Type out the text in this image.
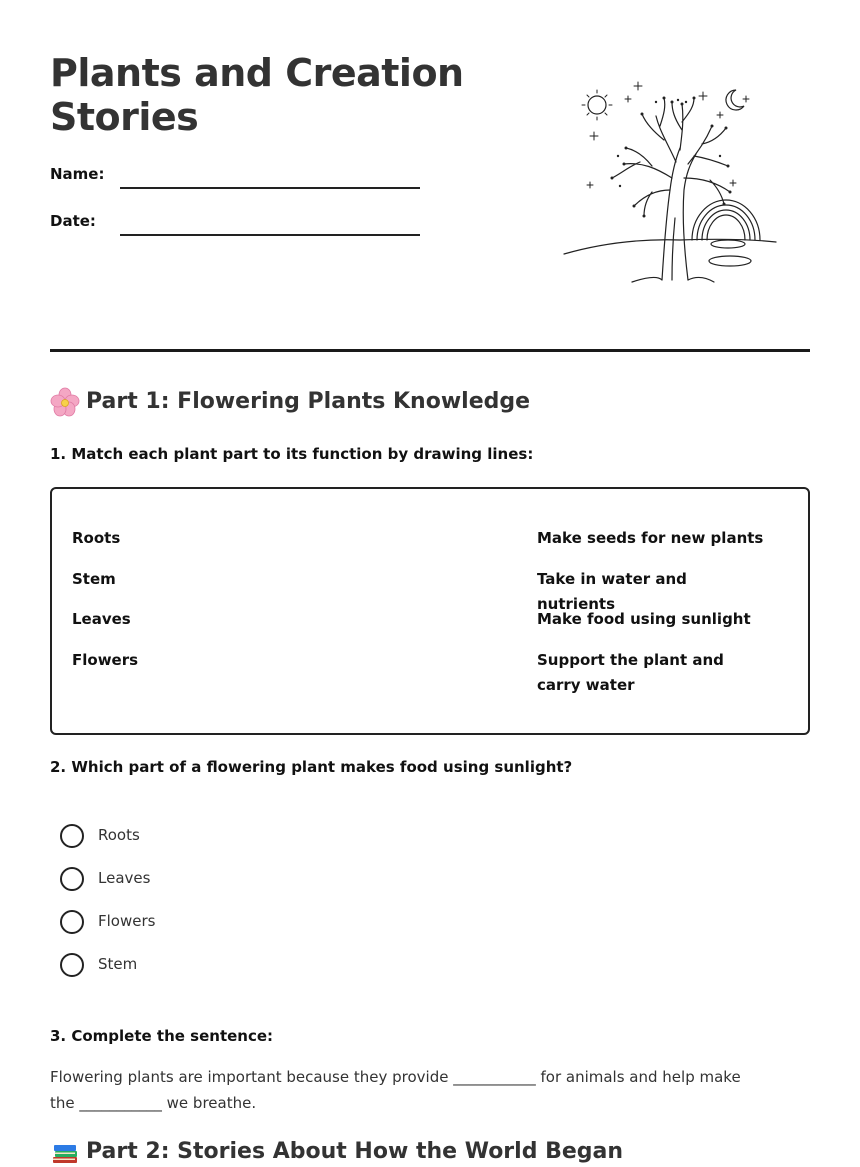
Plants and Creation Stories
Name:
Date:
Part 1: Flowering Plants Knowledge
1. Match each plant part to its function by drawing lines:
Roots
Stem
Leaves
Flowers
Make seeds for new plants
Take in water and nutrients
Make food using sunlight
Support the plant and carry water
2. Which part of a flowering plant makes food using sunlight?
Roots
Leaves
Flowers
Stem
3. Complete the sentence:
Flowering plants are important because they provide ___________ for animals and help make the ___________ we breathe.
Part 2: Stories About How the World Began
